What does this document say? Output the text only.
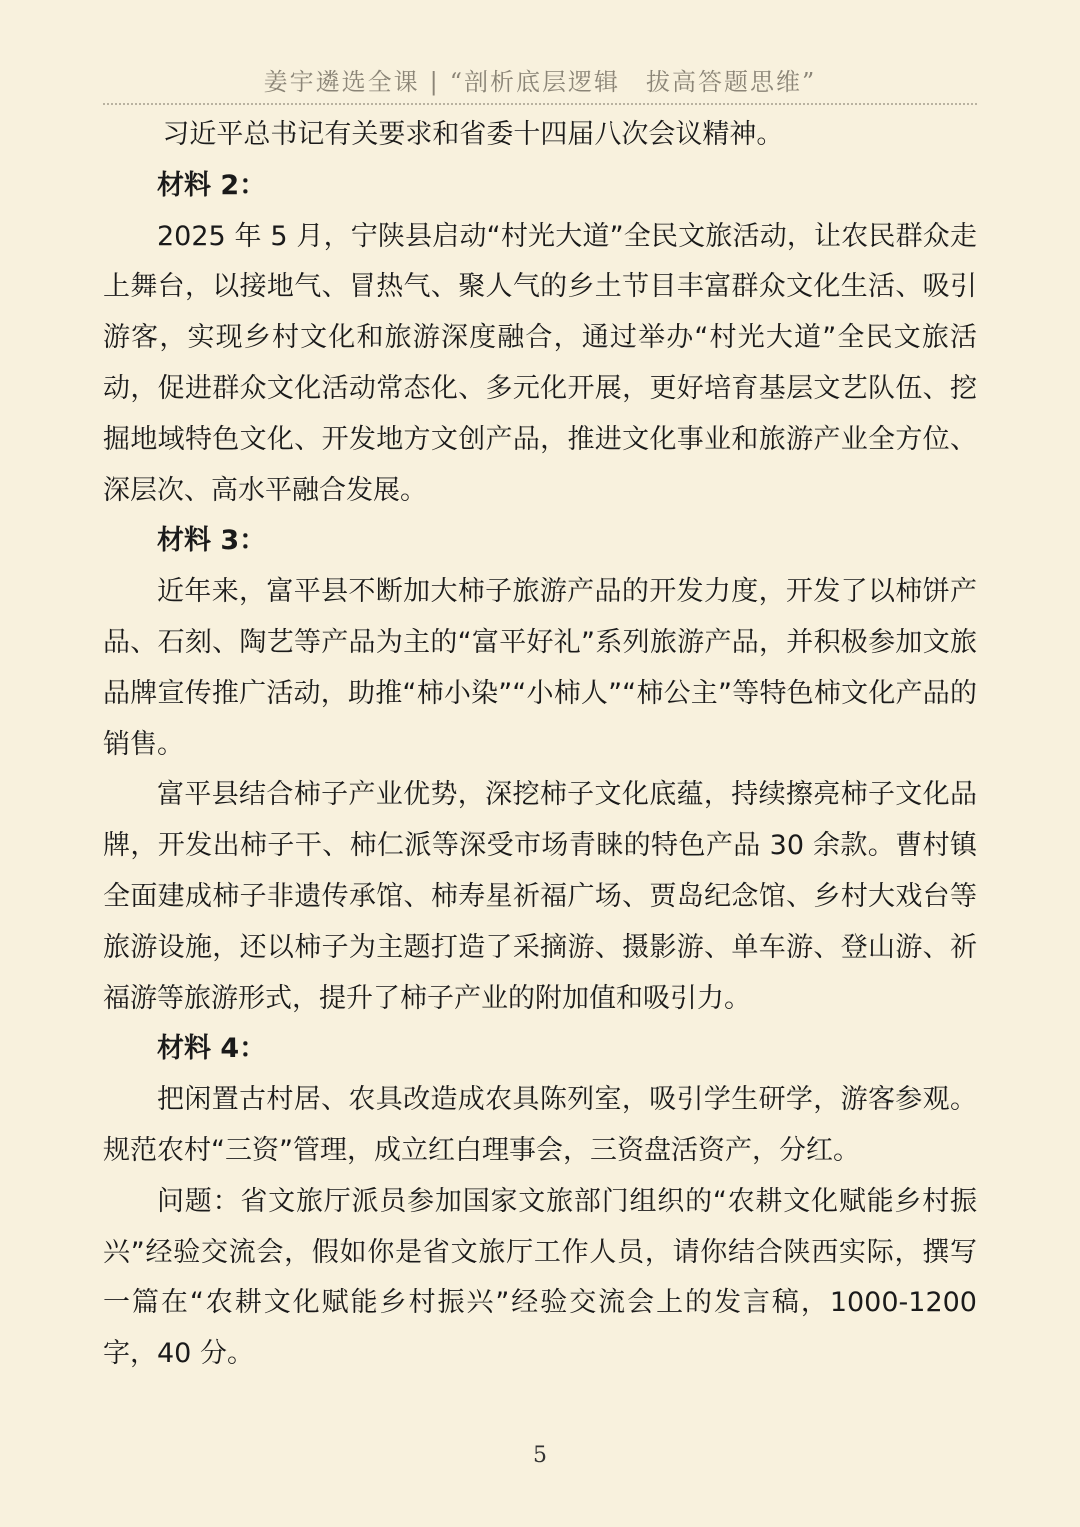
姜宇遴选全课 | “剖析底层逻辑 拔高答题思维”

习近平总书记有关要求和省委十四届八次会议精神。

材料 2：

2025 年 5 月，宁陕县启动“村光大道”全民文旅活动，让农民群众走上舞台，以接地气、冒热气、聚人气的乡土节目丰富群众文化生活、吸引游客，实现乡村文化和旅游深度融合，通过举办“村光大道”全民文旅活动，促进群众文化活动常态化、多元化开展，更好培育基层文艺队伍、挖掘地域特色文化、开发地方文创产品，推进文化事业和旅游产业全方位、深层次、高水平融合发展。

材料 3：

近年来，富平县不断加大柿子旅游产品的开发力度，开发了以柿饼产品、石刻、陶艺等产品为主的“富平好礼”系列旅游产品，并积极参加文旅品牌宣传推广活动，助推“柿小染”“小柿人”“柿公主”等特色柿文化产品的销售。

富平县结合柿子产业优势，深挖柿子文化底蕴，持续擦亮柿子文化品牌，开发出柿子干、柿仁派等深受市场青睐的特色产品 30 余款。曹村镇全面建成柿子非遗传承馆、柿寿星祈福广场、贾岛纪念馆、乡村大戏台等旅游设施，还以柿子为主题打造了采摘游、摄影游、单车游、登山游、祈福游等旅游形式，提升了柿子产业的附加值和吸引力。

材料 4：

把闲置古村居、农具改造成农具陈列室，吸引学生研学，游客参观。规范农村“三资”管理，成立红白理事会，三资盘活资产，分红。

问题：省文旅厅派员参加国家文旅部门组织的“农耕文化赋能乡村振兴”经验交流会，假如你是省文旅厅工作人员，请你结合陕西实际，撰写一篇在“农耕文化赋能乡村振兴”经验交流会上的发言稿，1000-1200 字，40 分。

5
